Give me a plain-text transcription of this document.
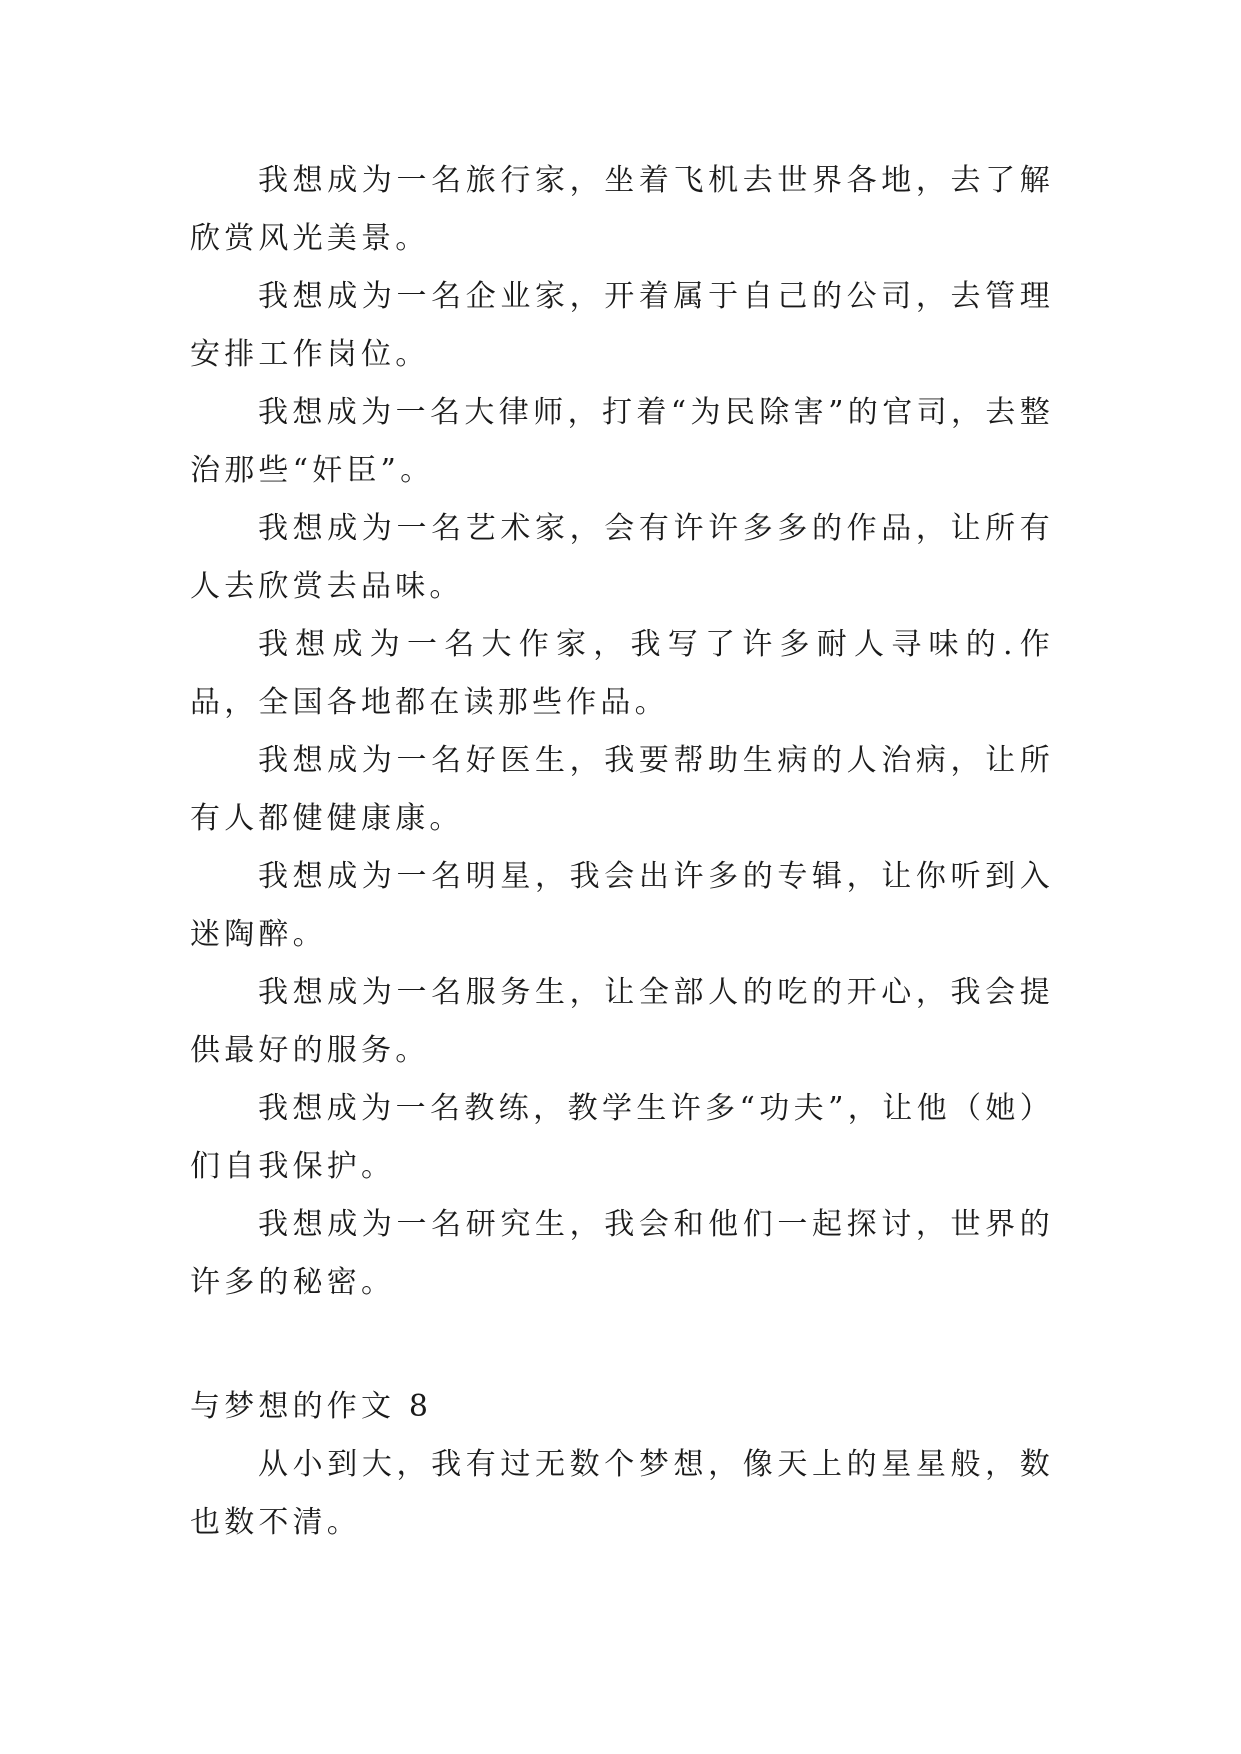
我想成为一名旅行家，坐着飞机去世界各地，去了解欣赏风光美景。

我想成为一名企业家，开着属于自己的公司，去管理安排工作岗位。

我想成为一名大律师，打着“为民除害”的官司，去整治那些“奸臣”。

我想成为一名艺术家，会有许许多多的作品，让所有人去欣赏去品味。

我想成为一名大作家，我写了许多耐人寻味的.作品，全国各地都在读那些作品。

我想成为一名好医生，我要帮助生病的人治病，让所有人都健健康康。

我想成为一名明星，我会出许多的专辑，让你听到入迷陶醉。

我想成为一名服务生，让全部人的吃的开心，我会提供最好的服务。

我想成为一名教练，教学生许多“功夫”，让他（她）们自我保护。

我想成为一名研究生，我会和他们一起探讨，世界的许多的秘密。

与梦想的作文 8

从小到大，我有过无数个梦想，像天上的星星般，数也数不清。
